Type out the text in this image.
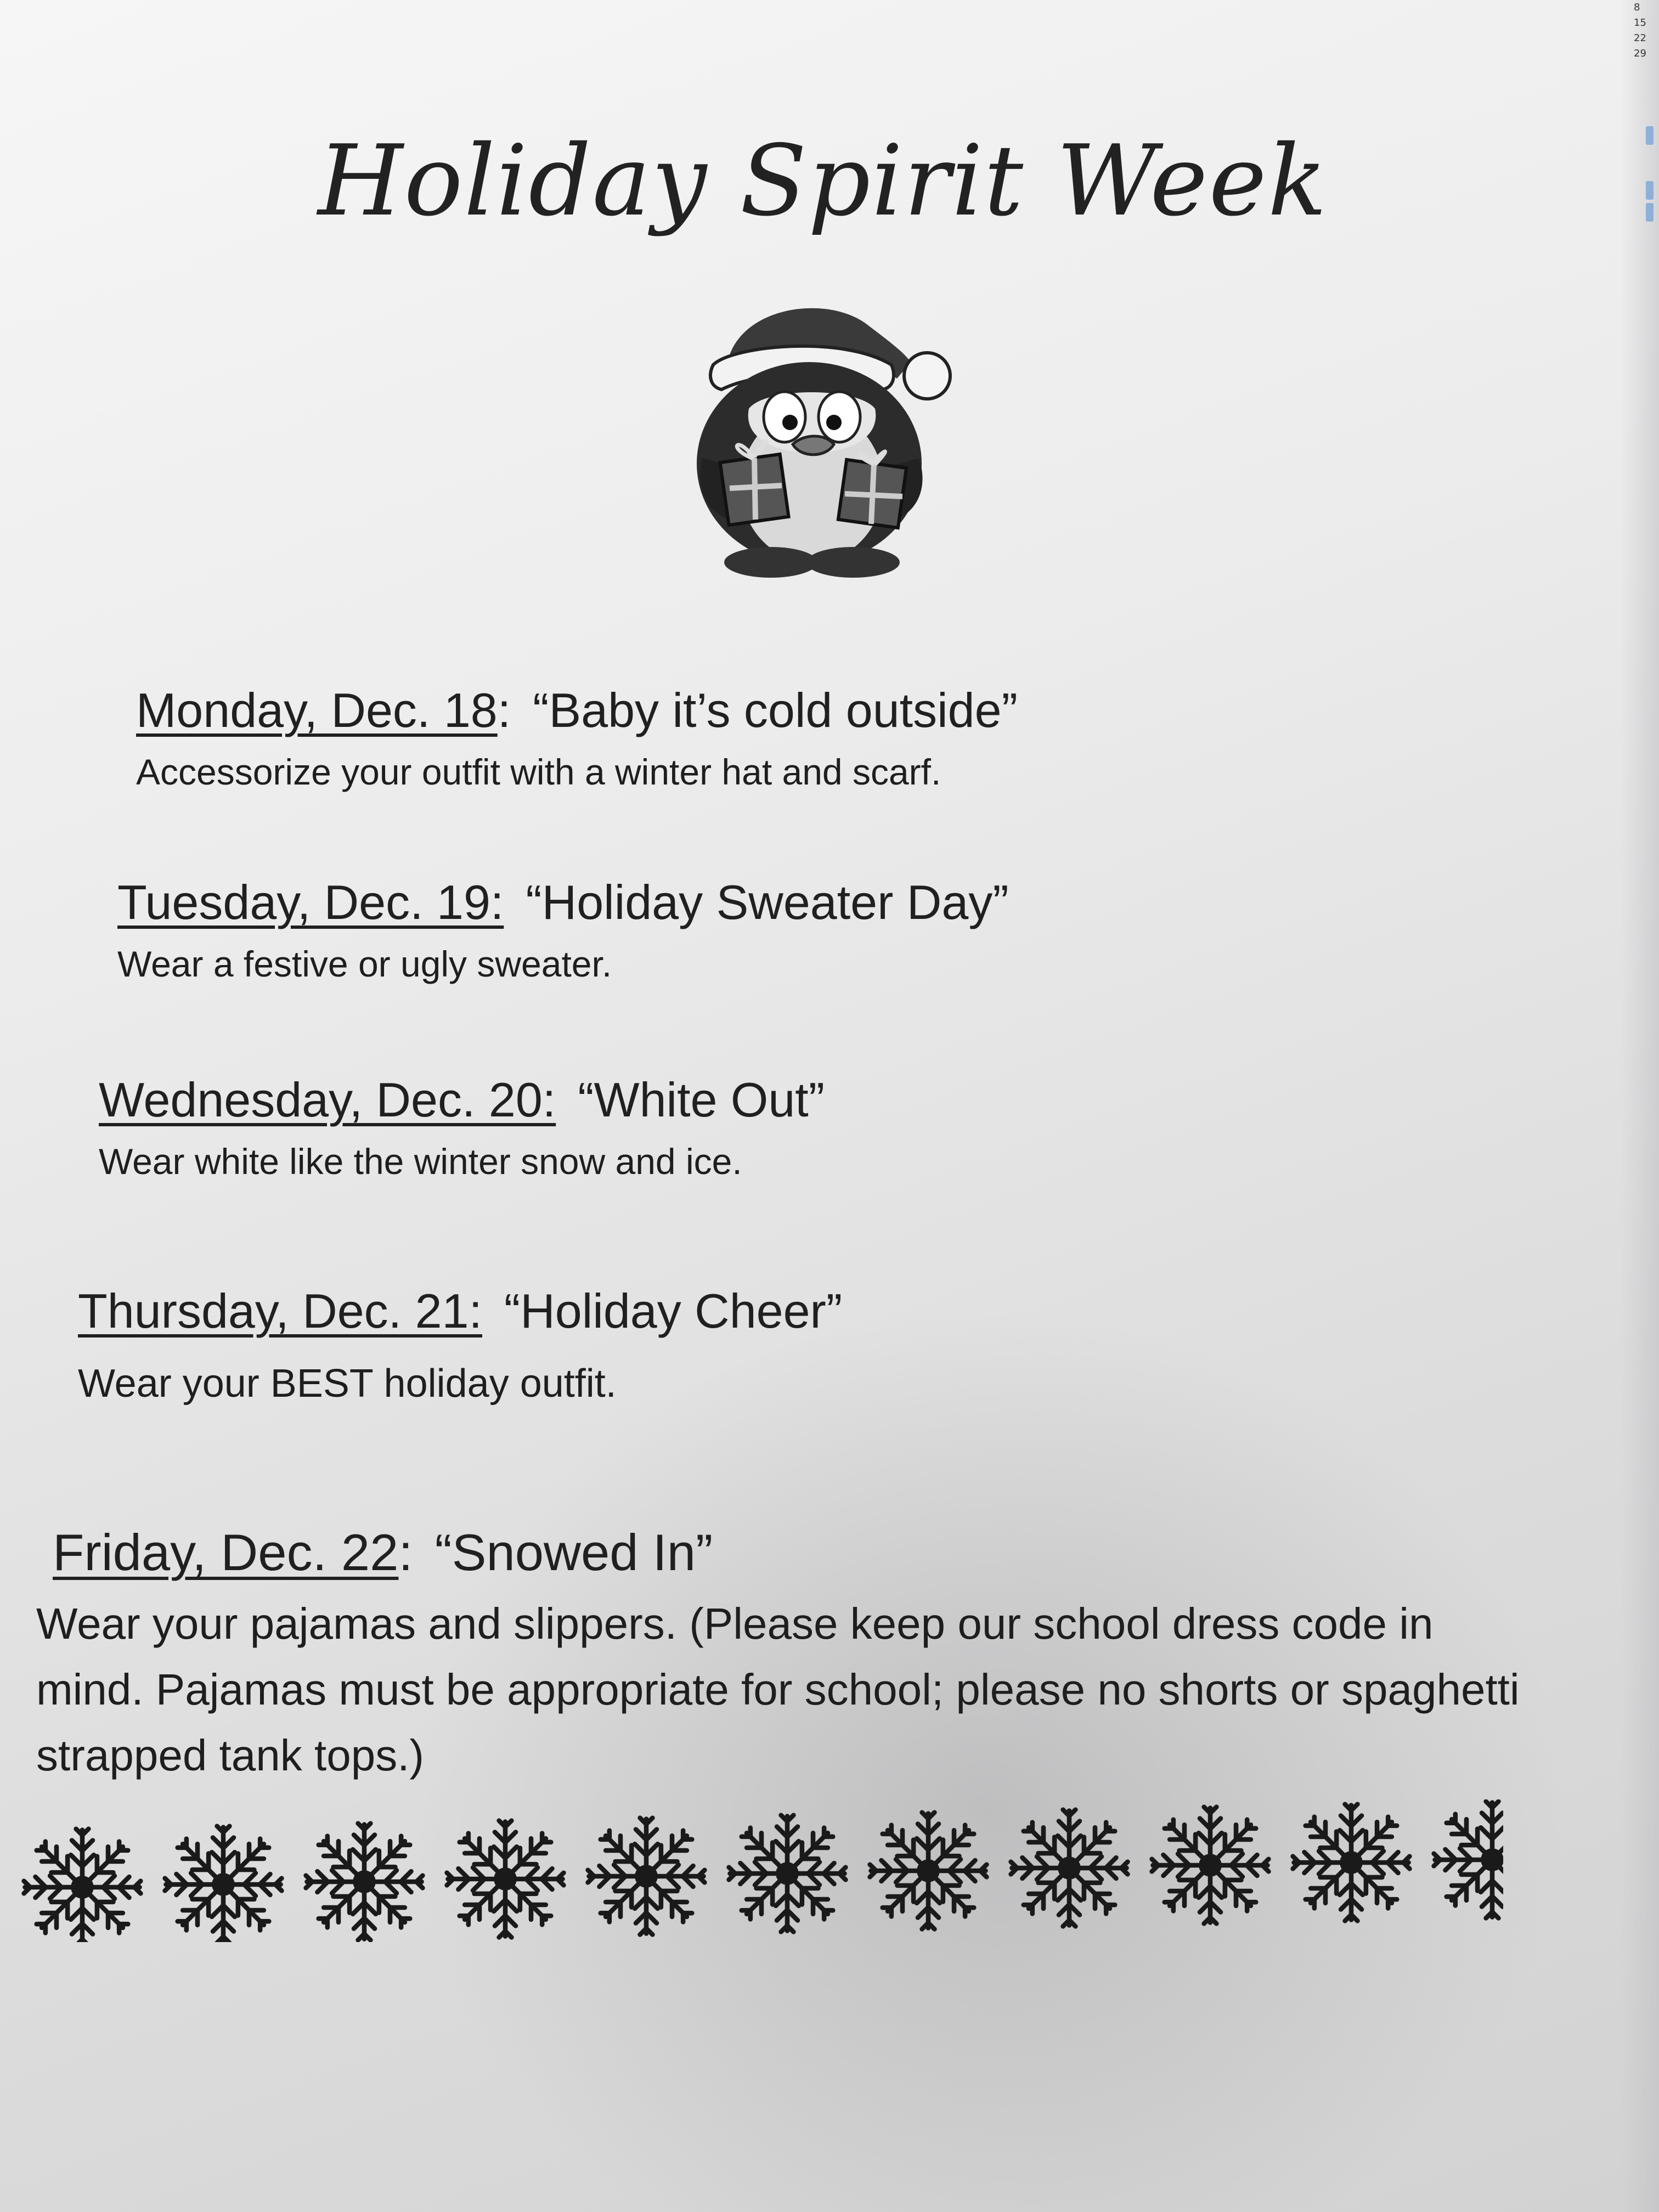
8
15
22
29
Holiday Spirit Week
Monday, Dec. 18: “Baby it’s cold outside”
Accessorize your outfit with a winter hat and scarf.
Tuesday, Dec. 19: “Holiday Sweater Day”
Wear a festive or ugly sweater.
Wednesday, Dec. 20: “White Out”
Wear white like the winter snow and ice.
Thursday, Dec. 21: “Holiday Cheer”
Wear your BEST holiday outfit.
Friday, Dec. 22: “Snowed In”
Wear your pajamas and slippers. (Please keep our school dress code in mind. Pajamas must be appropriate for school; please no shorts or spaghetti strapped tank tops.)
